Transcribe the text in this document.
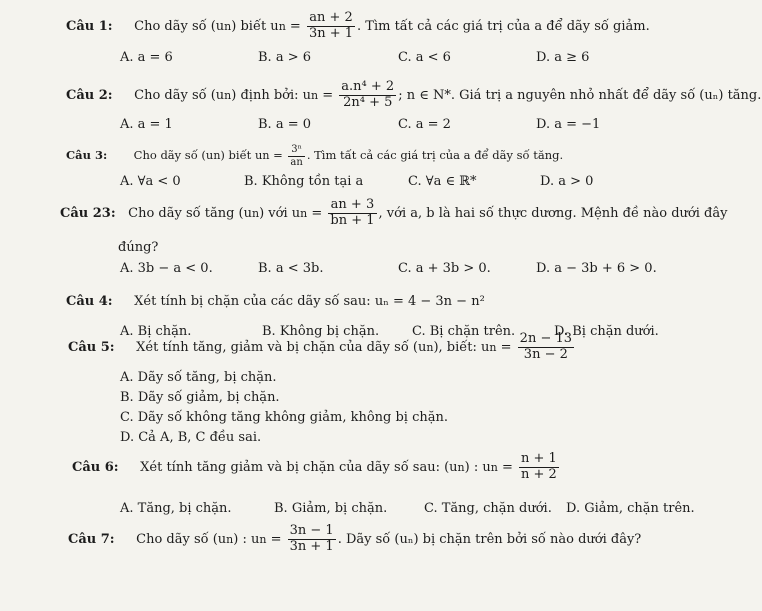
Câu 1: Cho dãy số (un) biết un = $\frac{an + 2}{3n + 1}$ . Tìm tất cả các giá trị của a để dãy số giảm.
A. a = 6	B. a > 6	C. a < 6	D. a ≥ 6
Câu 2: Cho dãy số (un) định bởi: un = $\frac{\text{a.n⁴ + 2}}{\text{2n⁴ + 5}}$ ; n ∈ N*. Giá trị a nguyên nhỏ nhất để dãy số (uₙ) tăng.
A. a = 1	B. a = 0	C. a = 2	D. a = −1
Câu 3: Cho dãy số (un) biết un = $\frac{\text{3ⁿ}}{an}$ . Tìm tất cả các giá trị của a để dãy số tăng.
A. ∀a < 0	B. Không tồn tại a	C. ∀a ∈ ℝ*	D. a > 0
Câu 23: Cho dãy số tăng (un) với un = $\frac{an + 3}{bn + 1}$ , với a, b là hai số thực dương. Mệnh đề nào dưới đây
đúng?
A. 3b − a < 0.	B. a < 3b.	C. a + 3b > 0.	D. a − 3b + 6 > 0.
Câu 4: Xét tính bị chặn của các dãy số sau: uₙ = 4 − 3n − n²
A. Bị chặn.	B. Không bị chặn.	C. Bị chặn trên.	D. Bị chặn dưới.
Câu 5: Xét tính tăng, giảm và bị chặn của dãy số (un), biết: un = $\frac{2n - 13}{3n - 2}$
A. Dãy số tăng, bị chặn.
B. Dãy số giảm, bị chặn.
C. Dãy số không tăng không giảm, không bị chặn.
D. Cả A, B, C đều sai.
Câu 6: Xét tính tăng giảm và bị chặn của dãy số sau: (un) : un = $\frac{n + 1}{n + 2}$
A. Tăng, bị chặn.	B. Giảm, bị chặn.	C. Tăng, chặn dưới. D. Giảm, chặn trên.
Câu 7: Cho dãy số (un) : un = $\frac{3n - 1}{3n + 1}$ . Dãy số (uₙ) bị chặn trên bởi số nào dưới đây?
